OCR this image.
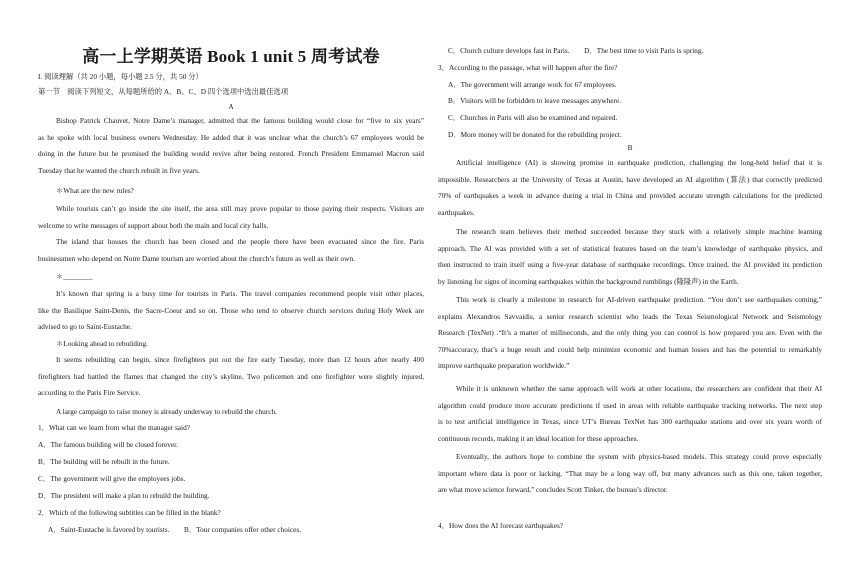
高一上学期英语 Book 1 unit 5 周考试卷
I. 阅读理解（共 20 小题，每小题 2.5 分，共 50 分）
第一节　阅读下列短文，从每题所给的 A、B、C、D 四个选项中选出最佳选项
A
Bishop Patrick Chauvet, Notre Dame’s manager, admitted that the famous building would close for “five to six years”
as he spoke with local business owners Wednesday. He added that it was unclear what the church’s 67 employees would be
doing in the future but he promised the building would revive after being restored. French President Emmanuel Macron said
Tuesday that he wanted the church rebuilt in five years.
＊What are the new rules?
While tourists can’t go inside the site itself, the area still may prove popular to those paying their respects. Visitors are
welcome to write messages of support about both the main and local city halls.
The island that houses the church has been closed and the people there have been evacuated since the fire. Paris
businessmen who depend on Notre Dame tourism are worried about the church’s future as well as their own.
＊________
It’s known that spring is a busy time for tourists in Paris. The travel companies recommend people visit other places,
like the Basilique Saint-Denis, the Sacre-Coeur and so on. Those who tend to observe church services during Holy Week are
advised to go to Saint-Eustache.
＊Looking ahead to rebuilding.
It seems rebuilding can begin, since firefighters put out the fire early Tuesday, more than 12 hours after nearly 400
firefighters had battled the flames that changed the city’s skyline. Two policemen and one firefighter were slightly injured,
according to the Paris Fire Service.
A large campaign to raise money is already underway to rebuild the church.
1．What can we learn from what the manager said?
A．The famous building will be closed forever.
B．The building will be rebuilt in the future.
C．The government will give the employees jobs.
D．The president will make a plan to rebuild the building.
2．Which of the following subtitles can be filled in the blank?
A．Saint-Eustache is favored by tourists.　　B．Tour companies offer other choices.
C．Church culture develops fast in Paris.　　D．The best time to visit Paris is spring.
3．According to the passage, what will happen after the fire?
A．The government will arrange work for 67 employees.
B．Visitors will be forbidden to leave messages anywhere.
C．Churches in Paris will also be examined and repaired.
D．More money will be donated for the rebuilding project.
B
Artificial intelligence (AI) is showing promise in earthquake prediction, challenging the long-held belief that it is
impossible. Researchers at the University of Texas at Austin, have developed an AI algorithm (算法) that correctly predicted
70% of earthquakes a week in advance during a trial in China and provided accurate strength calculations for the predicted
earthquakes.
The research team believes their method succeeded because they stuck with a relatively simple machine learning
approach. The AI was provided with a set of statistical features based on the team’s knowledge of earthquake physics, and
then instructed to train itself using a five-year database of earthquake recordings. Once trained, the AI provided its prediction
by listening for signs of incoming earthquakes within the background rumblings (隆隆声) in the Earth.
This work is clearly a milestone in research for AI-driven earthquake prediction. “You don’t see earthquakes coming,”
explains Alexandros Savvaidis, a senior research scientist who leads the Texas Seismological Network and Seismology
Research (TexNet) .“It’s a matter of milliseconds, and the only thing you can control is how prepared you are. Even with the
70%accuracy, that’s a huge result and could help minimize economic and human losses and has the potential to remarkably
improve earthquake preparation worldwide.”
While it is unknown whether the same approach will work at other locations, the researchers are confident that their AI
algorithm could produce more accurate predictions if used in areas with reliable earthquake tracking networks. The next step
is to test artificial intelligence in Texas, since UT’s Bureau TexNet has 300 earthquake stations and over six years worth of
continuous records, making it an ideal location for these approaches.
Eventually, the authors hope to combine the system with physics-based models. This strategy could prove especially
important where data is poor or lacking. “That may be a long way off, but many advances such as this one, taken together,
are what move science forward,” concludes Scott Tinker, the bureau’s director.
4．How does the AI forecast earthquakes?
